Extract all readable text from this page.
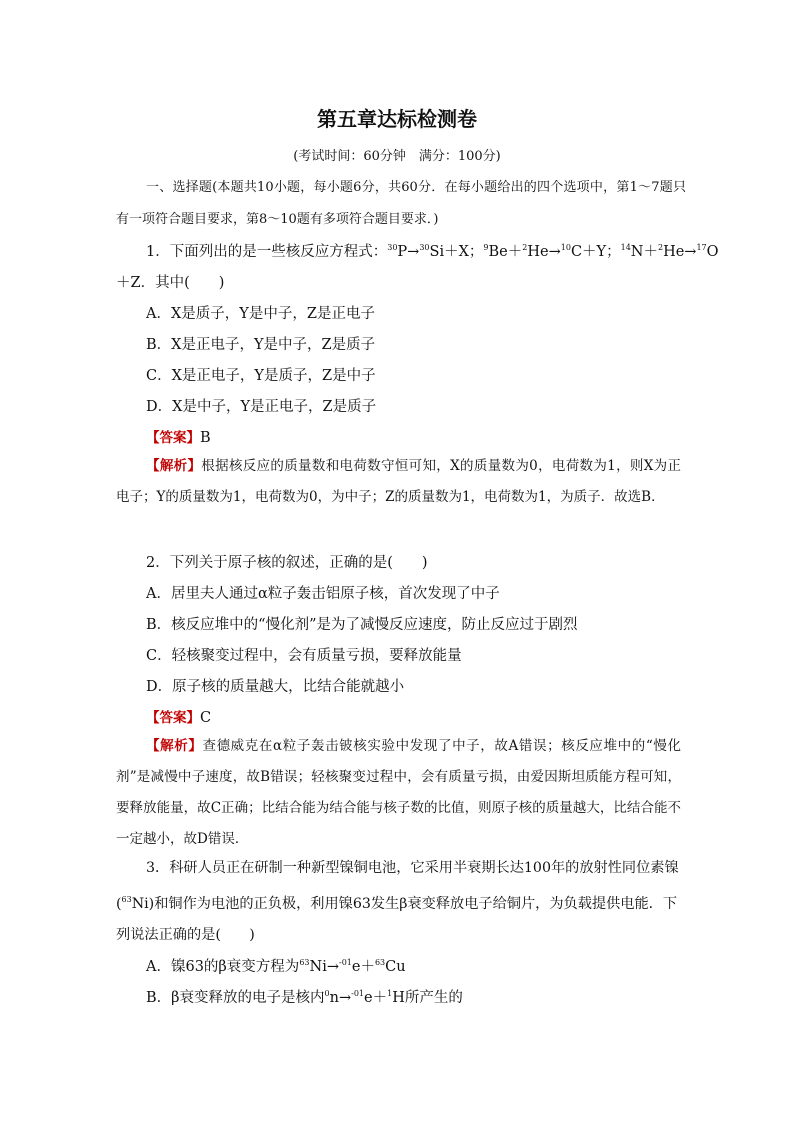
第五章达标检测卷
(考试时间：60分钟　满分：100分)
一、选择题(本题共10小题，每小题6分，共60分．在每小题给出的四个选项中，第1～7题只有一项符合题目要求，第8～10题有多项符合题目要求．)
1．下面列出的是一些核反应方程式：$^{30}$P→$^{30}$Si＋X；$^9$Be＋$^2$He→$^{10}$C＋Y；$^{14}$N＋$^2$He→$^{17}$O
＋Z．其中(　　)
A．X是质子，Y是中子，Z是正电子
B．X是正电子，Y是中子，Z是质子
C．X是正电子，Y是质子，Z是中子
D．X是中子，Y是正电子，Z是质子
【答案】B
【解析】根据核反应的质量数和电荷数守恒可知，X的质量数为0，电荷数为1，则X为正电子；Y的质量数为1，电荷数为0，为中子；Z的质量数为1，电荷数为1，为质子．故选B．
2．下列关于原子核的叙述，正确的是(　　)
A．居里夫人通过α粒子轰击铝原子核，首次发现了中子
B．核反应堆中的“慢化剂”是为了减慢反应速度，防止反应过于剧烈
C．轻核聚变过程中，会有质量亏损，要释放能量
D．原子核的质量越大，比结合能就越小
【答案】C
【解析】查德威克在α粒子轰击铍核实验中发现了中子，故A错误；核反应堆中的“慢化剂”是减慢中子速度，故B错误；轻核聚变过程中，会有质量亏损，由爱因斯坦质能方程可知，要释放能量，故C正确；比结合能为结合能与核子数的比值，则原子核的质量越大，比结合能不一定越小，故D错误．
3．科研人员正在研制一种新型镍铜电池，它采用半衰期长达100年的放射性同位素镍($^{63}$Ni)和铜作为电池的正负极，利用镍63发生β衰变释放电子给铜片，为负载提供电能．下列说法正确的是(　　)
A．镍63的β衰变方程为$^{63}$Ni→$^{-01}$e＋$^{63}$Cu
B．β衰变释放的电子是核内$^0$n→$^{-01}$e＋$^1$H所产生的
